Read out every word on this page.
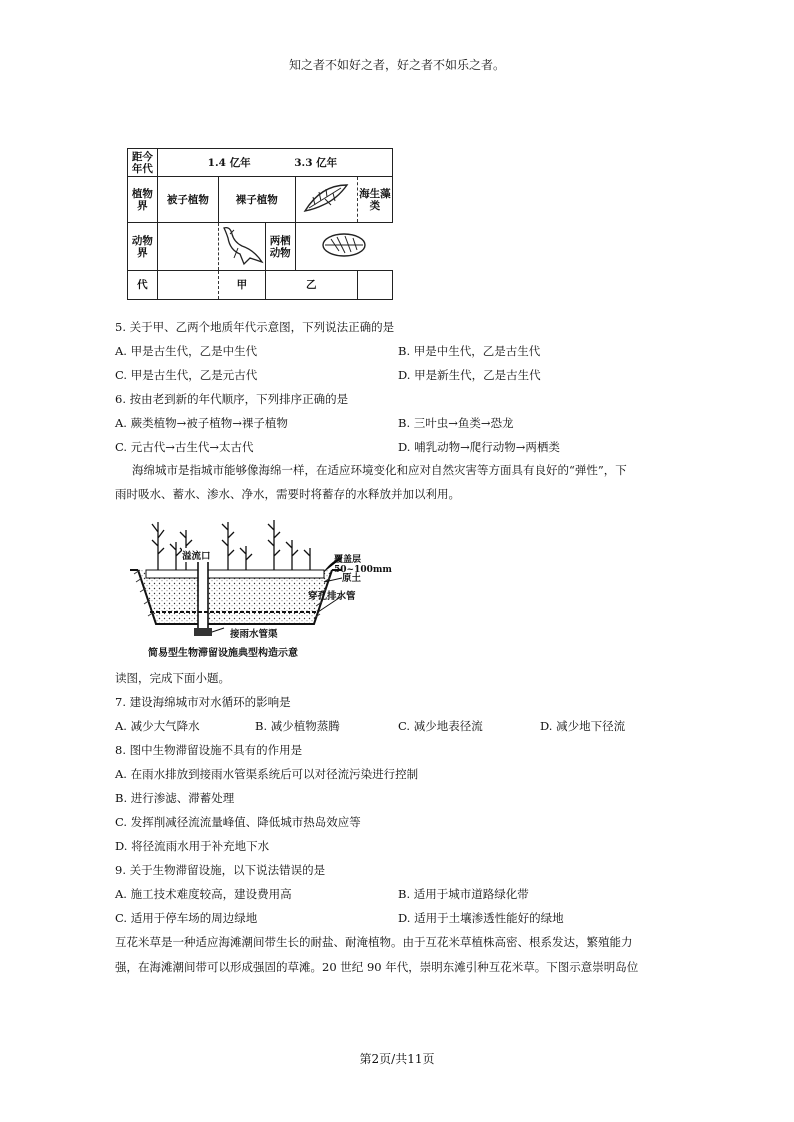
知之者不如好之者，好之者不如乐之者。
距今年代	1.4 亿年 3.3 亿年				
植物界	被子植物	裸子植物			海生藻类
动物界			两栖动物	
代		甲	乙		
5. 关于甲、乙两个地质年代示意图，下列说法正确的是
A. 甲是古生代，乙是中生代	B. 甲是中生代，乙是古生代
C. 甲是古生代，乙是元古代	D. 甲是新生代，乙是古生代
6. 按由老到新的年代顺序，下列排序正确的是
A. 蕨类植物→被子植物→裸子植物	B. 三叶虫→鱼类→恐龙
C. 元古代→古生代→太古代	D. 哺乳动物→爬行动物→两栖类
海绵城市是指城市能够像海绵一样，在适应环境变化和应对自然灾害等方面具有良好的“弹性”，下
雨时吸水、蓄水、渗水、净水，需要时将蓄存的水释放并加以利用。
溢流口	覆盖层 50~100mm
原土
穿孔排水管
接雨水管渠
简易型生物滞留设施典型构造示意
读图，完成下面小题。
7. 建设海绵城市对水循环的影响是
A. 减少大气降水	B. 减少植物蒸腾	C. 减少地表径流	D. 减少地下径流
8. 图中生物滞留设施不具有的作用是
A. 在雨水排放到接雨水管渠系统后可以对径流污染进行控制
B. 进行渗滤、滞蓄处理
C. 发挥削减径流流量峰值、降低城市热岛效应等
D. 将径流雨水用于补充地下水
9. 关于生物滞留设施，以下说法错误的是
A. 施工技术难度较高，建设费用高	B. 适用于城市道路绿化带
C. 适用于停车场的周边绿地	D. 适用于土壤渗透性能好的绿地
互花米草是一种适应海滩潮间带生长的耐盐、耐淹植物。由于互花米草植株高密、根系发达，繁殖能力
强，在海滩潮间带可以形成强固的草滩。20 世纪 90 年代，崇明东滩引种互花米草。下图示意崇明岛位
第2页/共11页
